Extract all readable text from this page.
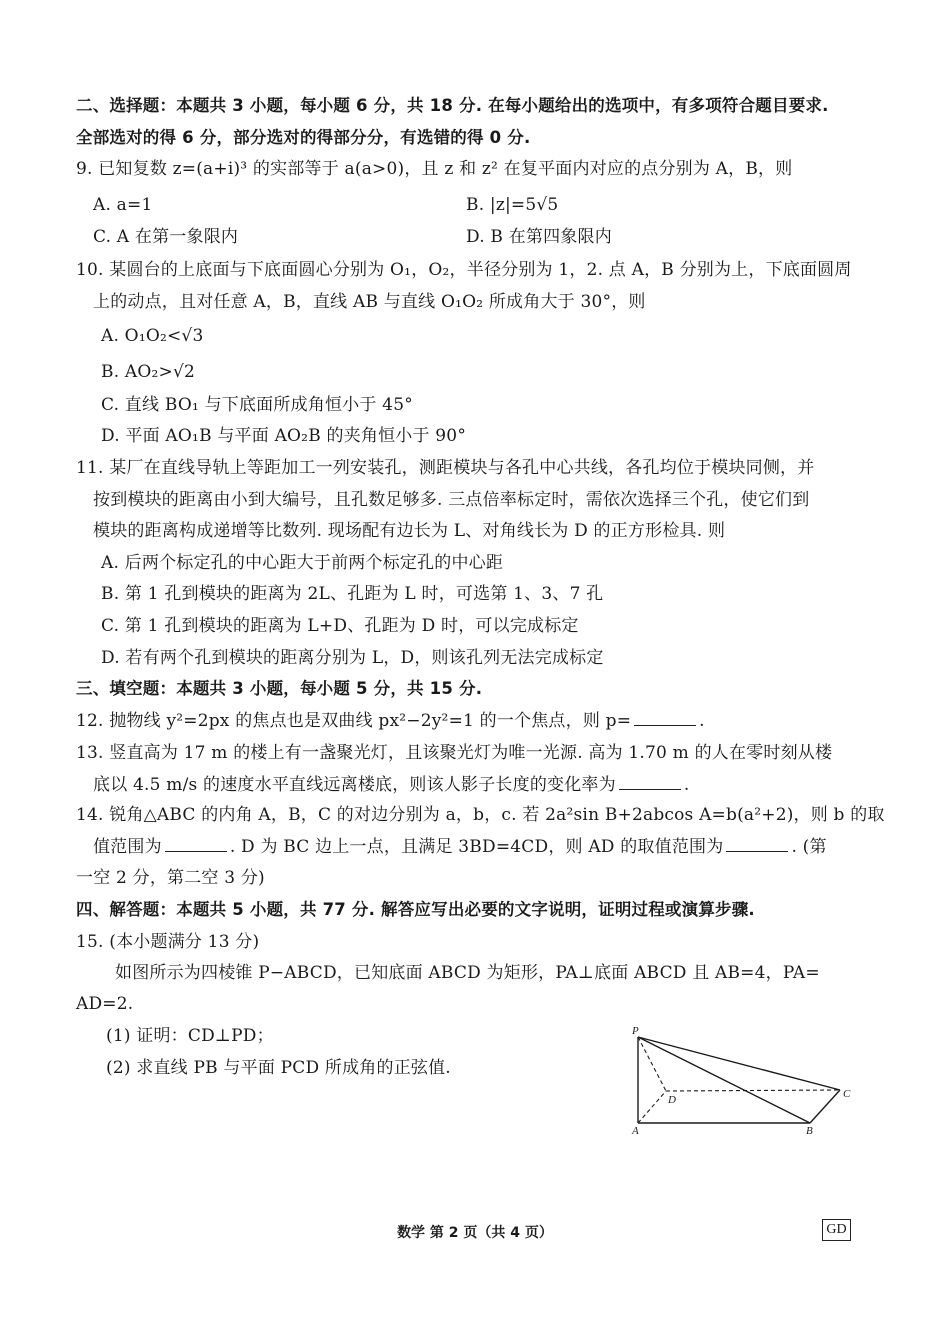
二、选择题：本题共 3 小题，每小题 6 分，共 18 分. 在每小题给出的选项中，有多项符合题目要求.
全部选对的得 6 分，部分选对的得部分分，有选错的得 0 分.
9. 已知复数 z=(a+i)³ 的实部等于 a(a>0)，且 z 和 z² 在复平面内对应的点分别为 A，B，则
A. a=1	B. |z|=5√5
C. A 在第一象限内	D. B 在第四象限内
10. 某圆台的上底面与下底面圆心分别为 O₁，O₂，半径分别为 1，2. 点 A，B 分别为上，下底面圆周
上的动点，且对任意 A，B，直线 AB 与直线 O₁O₂ 所成角大于 30°，则
A. O₁O₂<√3
B. AO₂>√2
C. 直线 BO₁ 与下底面所成角恒小于 45°
D. 平面 AO₁B 与平面 AO₂B 的夹角恒小于 90°
11. 某厂在直线导轨上等距加工一列安装孔，测距模块与各孔中心共线，各孔均位于模块同侧，并
按到模块的距离由小到大编号，且孔数足够多. 三点倍率标定时，需依次选择三个孔，使它们到
模块的距离构成递增等比数列. 现场配有边长为 L、对角线长为 D 的正方形检具. 则
A. 后两个标定孔的中心距大于前两个标定孔的中心距
B. 第 1 孔到模块的距离为 2L、孔距为 L 时，可选第 1、3、7 孔
C. 第 1 孔到模块的距离为 L+D、孔距为 D 时，可以完成标定
D. 若有两个孔到模块的距离分别为 L，D，则该孔列无法完成标定
三、填空题：本题共 3 小题，每小题 5 分，共 15 分.
12. 抛物线 y²=2px 的焦点也是双曲线 px²−2y²=1 的一个焦点，则 p=	.
13. 竖直高为 17 m 的楼上有一盏聚光灯，且该聚光灯为唯一光源. 高为 1.70 m 的人在零时刻从楼
底以 4.5 m/s 的速度水平直线远离楼底，则该人影子长度的变化率为	.
14. 锐角△ABC 的内角 A，B，C 的对边分别为 a，b，c. 若 2a²sin B+2abcos A=b(a²+2)，则 b 的取
值范围为	. D 为 BC 边上一点，且满足 3BD=4CD，则 AD 的取值范围为	. (第
一空 2 分，第二空 3 分)
四、解答题：本题共 5 小题，共 77 分. 解答应写出必要的文字说明，证明过程或演算步骤.
15. (本小题满分 13 分)
如图所示为四棱锥 P−ABCD，已知底面 ABCD 为矩形，PA⊥底面 ABCD 且 AB=4，PA=
AD=2.
(1) 证明：CD⊥PD；
(2) 求直线 PB 与平面 PCD 所成角的正弦值.
P
A	B
C
D
数学 第 2 页（共 4 页）	GD
